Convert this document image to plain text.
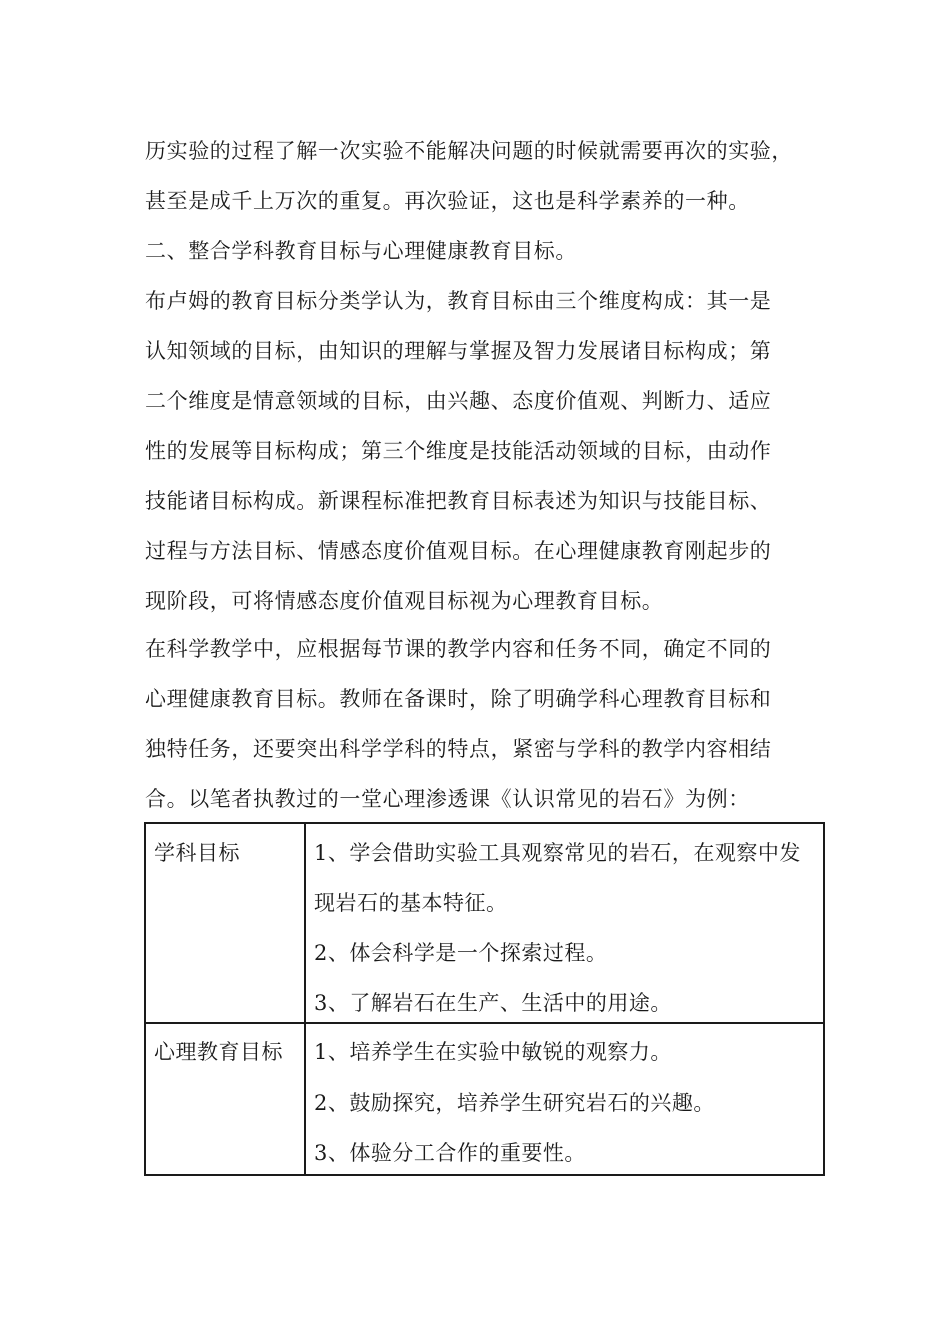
历实验的过程了解一次实验不能解决问题的时候就需要再次的实验，
甚至是成千上万次的重复。再次验证，这也是科学素养的一种。
二、整合学科教育目标与心理健康教育目标。
布卢姆的教育目标分类学认为，教育目标由三个维度构成：其一是
认知领域的目标，由知识的理解与掌握及智力发展诸目标构成；第
二个维度是情意领域的目标，由兴趣、态度价值观、判断力、适应
性的发展等目标构成；第三个维度是技能活动领域的目标，由动作
技能诸目标构成。新课程标准把教育目标表述为知识与技能目标、
过程与方法目标、情感态度价值观目标。在心理健康教育刚起步的
现阶段，可将情感态度价值观目标视为心理教育目标。
在科学教学中，应根据每节课的教学内容和任务不同，确定不同的
心理健康教育目标。教师在备课时，除了明确学科心理教育目标和
独特任务，还要突出科学学科的特点，紧密与学科的教学内容相结
合。以笔者执教过的一堂心理渗透课《认识常见的岩石》为例：
学科目标	1、学会借助实验工具观察常见的岩石，在观察中发
现岩石的基本特征。
2、体会科学是一个探索过程。
3、了解岩石在生产、生活中的用途。

心理教育目标	1、培养学生在实验中敏锐的观察力。
2、鼓励探究，培养学生研究岩石的兴趣。
3、体验分工合作的重要性。
